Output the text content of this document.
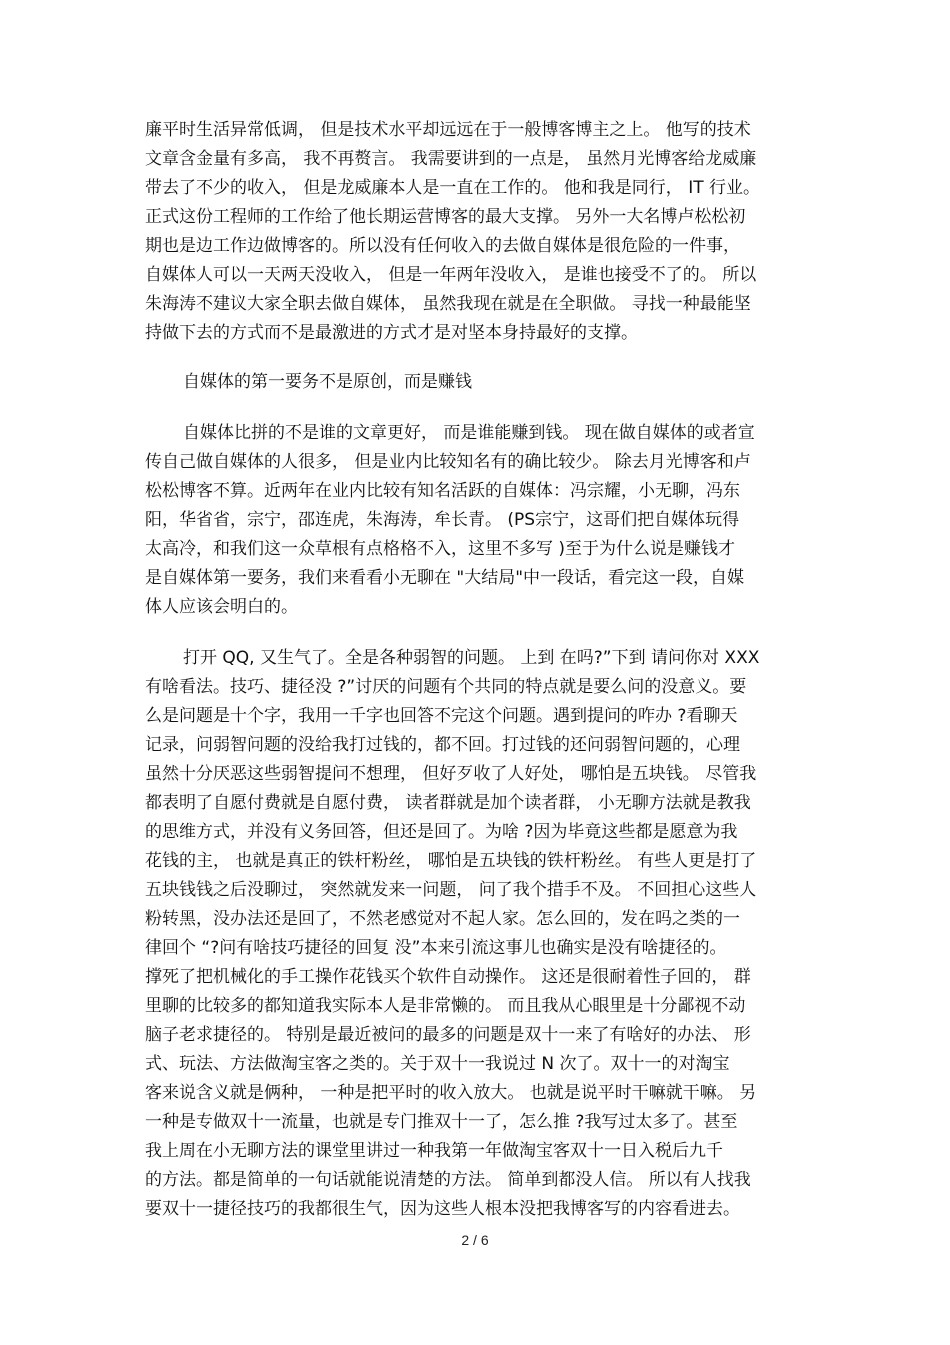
廉平时生活异常低调， 但是技术水平却远远在于一般博客博主之上。 他写的技术
文章含金量有多高， 我不再赘言。 我需要讲到的一点是， 虽然月光博客给龙威廉
带去了不少的收入， 但是龙威廉本人是一直在工作的。 他和我是同行， IT 行业。
正式这份工程师的工作给了他长期运营博客的最大支撑。 另外一大名博卢松松初
期也是边工作边做博客的。所以没有任何收入的去做自媒体是很危险的一件事，
自媒体人可以一天两天没收入， 但是一年两年没收入， 是谁也接受不了的。 所以
朱海涛不建议大家全职去做自媒体， 虽然我现在就是在全职做。 寻找一种最能坚
持做下去的方式而不是最激进的方式才是对坚本身持最好的支撑。
自媒体的第一要务不是原创，而是赚钱
自媒体比拼的不是谁的文章更好， 而是谁能赚到钱。 现在做自媒体的或者宣
传自己做自媒体的人很多， 但是业内比较知名有的确比较少。 除去月光博客和卢
松松博客不算。近两年在业内比较有知名活跃的自媒体：冯宗耀，小无聊，冯东
阳，华省省，宗宁，邵连虎，朱海涛，牟长青。 (PS宗宁，这哥们把自媒体玩得
太高冷，和我们这一众草根有点格格不入，这里不多写 )至于为什么说是赚钱才
是自媒体第一要务，我们来看看小无聊在 "大结局"中一段话，看完这一段，自媒
体人应该会明白的。
打开 QQ, 又生气了。全是各种弱智的问题。 上到 在吗?”下到 请问你对 XXX
有啥看法。技巧、捷径没 ?”讨厌的问题有个共同的特点就是要么问的没意义。要
么是问题是十个字，我用一千字也回答不完这个问题。遇到提问的咋办 ?看聊天
记录，问弱智问题的没给我打过钱的，都不回。打过钱的还问弱智问题的，心理
虽然十分厌恶这些弱智提问不想理， 但好歹收了人好处， 哪怕是五块钱。 尽管我
都表明了自愿付费就是自愿付费， 读者群就是加个读者群， 小无聊方法就是教我
的思维方式，并没有义务回答，但还是回了。为啥 ?因为毕竟这些都是愿意为我
花钱的主， 也就是真正的铁杆粉丝， 哪怕是五块钱的铁杆粉丝。 有些人更是打了
五块钱钱之后没聊过， 突然就发来一问题， 问了我个措手不及。 不回担心这些人
粉转黑，没办法还是回了，不然老感觉对不起人家。怎么回的，发在吗之类的一
律回个 “?问有啥技巧捷径的回复 没”本来引流这事儿也确实是没有啥捷径的。
撑死了把机械化的手工操作花钱买个软件自动操作。 这还是很耐着性子回的， 群
里聊的比较多的都知道我实际本人是非常懒的。 而且我从心眼里是十分鄙视不动
脑子老求捷径的。 特别是最近被问的最多的问题是双十一来了有啥好的办法、 形
式、玩法、方法做淘宝客之类的。关于双十一我说过 N 次了。双十一的对淘宝
客来说含义就是俩种， 一种是把平时的收入放大。 也就是说平时干嘛就干嘛。 另
一种是专做双十一流量，也就是专门推双十一了，怎么推 ?我写过太多了。甚至
我上周在小无聊方法的课堂里讲过一种我第一年做淘宝客双十一日入税后九千
的方法。都是简单的一句话就能说清楚的方法。 简单到都没人信。 所以有人找我
要双十一捷径技巧的我都很生气，因为这些人根本没把我博客写的内容看进去。
2 / 6
